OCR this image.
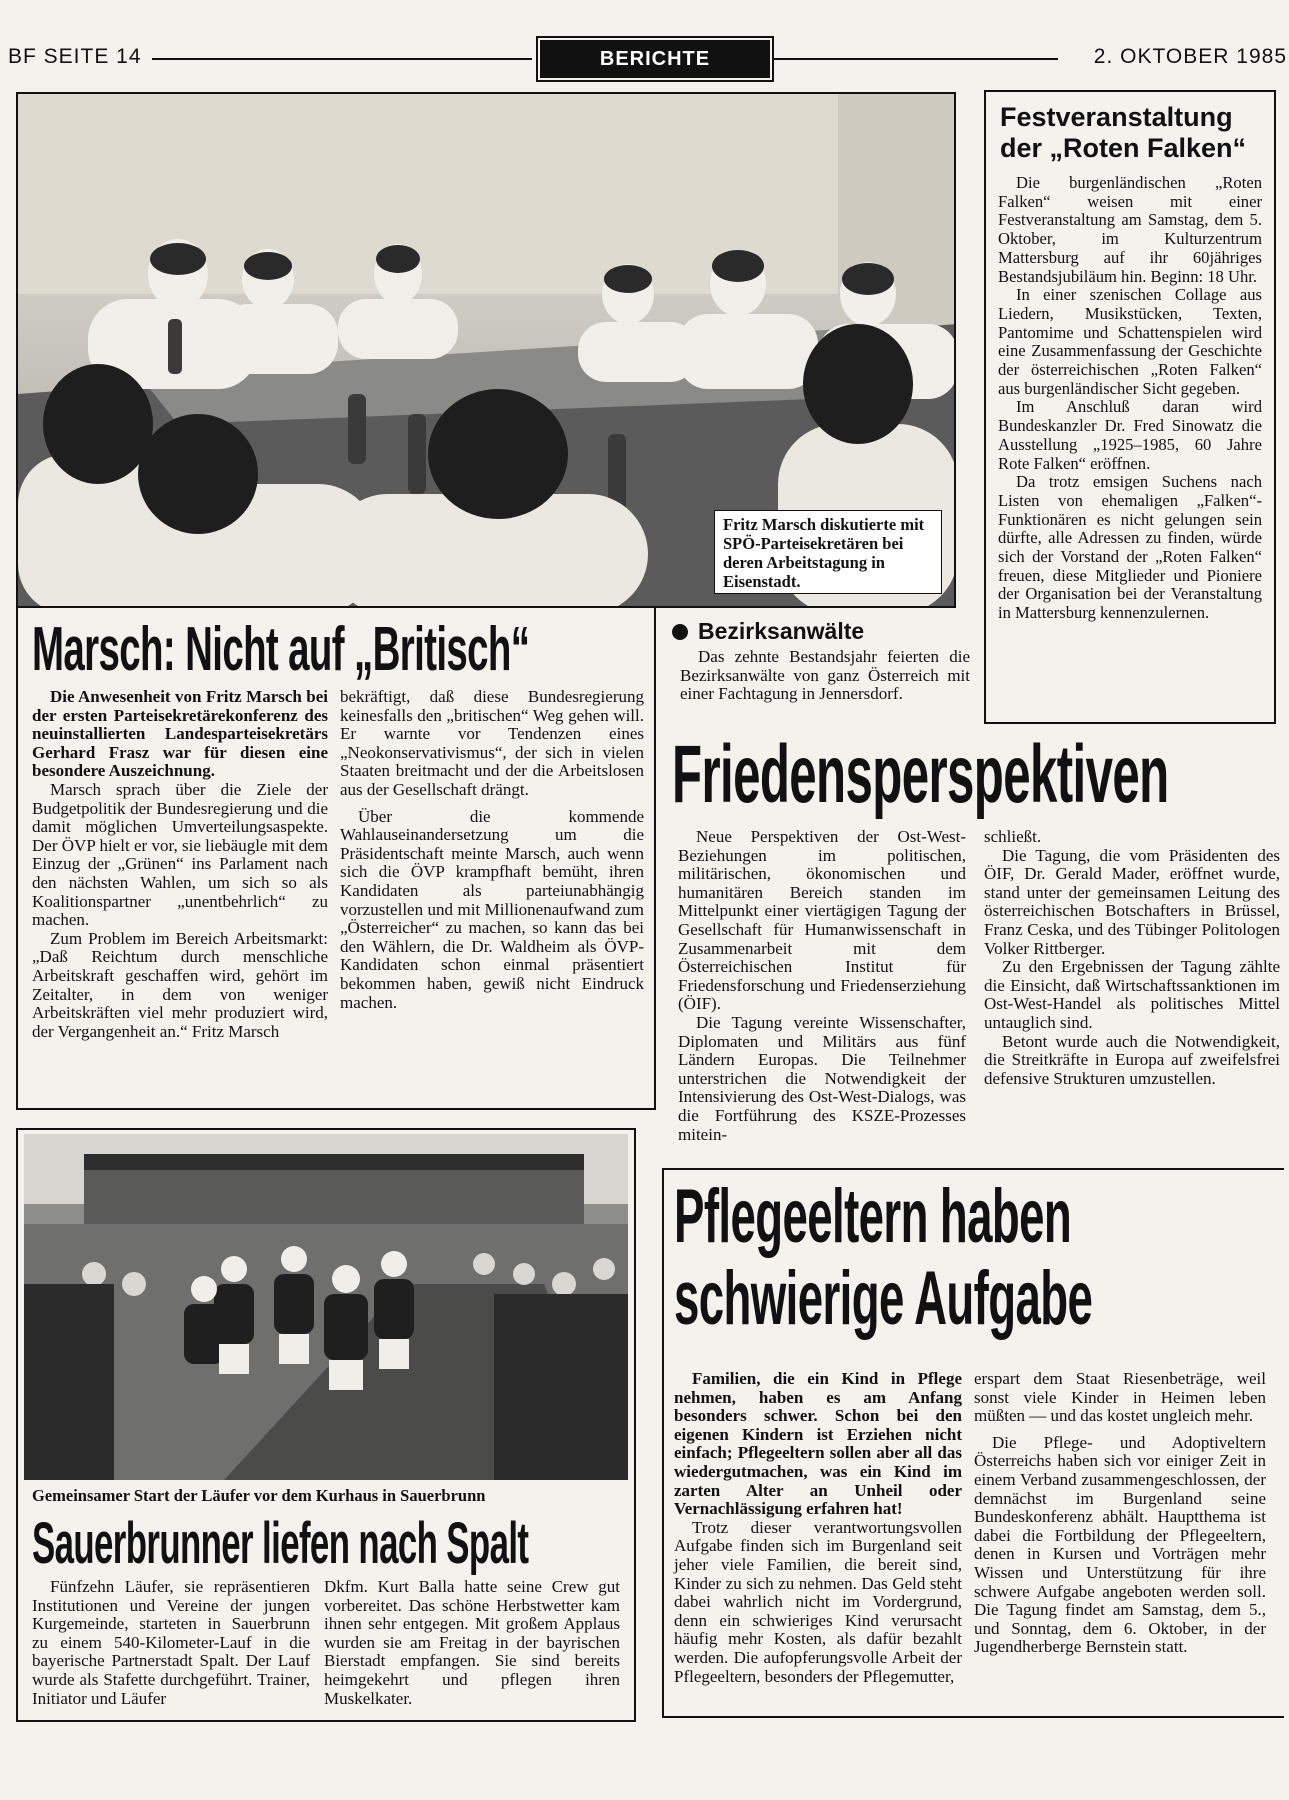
BF SEITE 14	BERICHTE	2. OKTOBER 1985
Fritz Marsch diskutierte mit SPÖ-Parteisekretären bei deren Arbeitstagung in Eisenstadt.
Marsch: Nicht auf „Britisch“

Die Anwesenheit von Fritz Marsch bei der ersten Parteisekretärekonferenz des neuinstallierten Landesparteisekretärs Gerhard Frasz war für diesen eine besondere Auszeichnung.

Marsch sprach über die Ziele der Budgetpolitik der Bundesregierung und die damit möglichen Umverteilungsaspekte. Der ÖVP hielt er vor, sie liebäugle mit dem Einzug der „Grünen“ ins Parlament nach den nächsten Wahlen, um sich so als Koalitionspartner „unentbehrlich“ zu machen.

Zum Problem im Bereich Arbeitsmarkt: „Daß Reichtum durch menschliche Arbeitskraft geschaffen wird, gehört im Zeitalter, in dem von weniger Arbeitskräften viel mehr produziert wird, der Vergangenheit an.“ Fritz Marsch

bekräftigt, daß diese Bundesregierung keinesfalls den „britischen“ Weg gehen will. Er warnte vor Tendenzen eines „Neokonservativismus“, der sich in vielen Staaten breitmacht und der die Arbeitslosen aus der Gesellschaft drängt.

Über die kommende Wahlauseinandersetzung um die Präsidentschaft meinte Marsch, auch wenn sich die ÖVP krampfhaft bemüht, ihren Kandidaten als parteiunabhängig vorzustellen und mit Millionenaufwand zum „Österreicher“ zu machen, so kann das bei den Wählern, die Dr. Waldheim als ÖVP-Kandidaten schon einmal präsentiert bekommen haben, gewiß nicht Eindruck machen.

Festveranstaltung
der „Roten Falken“

Die burgenländischen „Roten Falken“ weisen mit einer Festveranstaltung am Samstag, dem 5. Oktober, im Kulturzentrum Mattersburg auf ihr 60jähriges Bestandsjubiläum hin. Beginn: 18 Uhr.

In einer szenischen Collage aus Liedern, Musikstücken, Texten, Pantomime und Schattenspielen wird eine Zusammenfassung der Geschichte der österreichischen „Roten Falken“ aus burgenländischer Sicht gegeben.

Im Anschluß daran wird Bundeskanzler Dr. Fred Sinowatz die Ausstellung „1925–1985, 60 Jahre Rote Falken“ eröffnen.

Da trotz emsigen Suchens nach Listen von ehemaligen „Falken“-Funktionären es nicht gelungen sein dürfte, alle Adressen zu finden, würde sich der Vorstand der „Roten Falken“ freuen, diese Mitglieder und Pioniere der Organisation bei der Veranstaltung in Mattersburg kennenzulernen.

Bezirksanwälte

Das zehnte Bestandsjahr feierten die Bezirksanwälte von ganz Österreich mit einer Fachtagung in Jennersdorf.

Friedensperspektiven

Neue Perspektiven der Ost-West-Beziehungen im politischen, militärischen, ökonomischen und humanitären Bereich standen im Mittelpunkt einer viertägigen Tagung der Gesellschaft für Humanwissenschaft in Zusammenarbeit mit dem Österreichischen Institut für Friedensforschung und Friedenserziehung (ÖIF).

Die Tagung vereinte Wissenschafter, Diplomaten und Militärs aus fünf Ländern Europas. Die Teilnehmer unterstrichen die Notwendigkeit der Intensivierung des Ost-West-Dialogs, was die Fortführung des KSZE-Prozesses mitein-

schließt.

Die Tagung, die vom Präsidenten des ÖIF, Dr. Gerald Mader, eröffnet wurde, stand unter der gemeinsamen Leitung des österreichischen Botschafters in Brüssel, Franz Ceska, und des Tübinger Politologen Volker Rittberger.

Zu den Ergebnissen der Tagung zählte die Einsicht, daß Wirtschaftssanktionen im Ost-West-Handel als politisches Mittel untauglich sind.

Betont wurde auch die Notwendigkeit, die Streitkräfte in Europa auf zweifelsfrei defensive Strukturen umzustellen.

Gemeinsamer Start der Läufer vor dem Kurhaus in Sauerbrunn
Sauerbrunner liefen nach Spalt

Fünfzehn Läufer, sie repräsentieren Institutionen und Vereine der jungen Kurgemeinde, starteten in Sauerbrunn zu einem 540-Kilometer-Lauf in die bayerische Partnerstadt Spalt. Der Lauf wurde als Stafette durchgeführt. Trainer, Initiator und Läufer

Dkfm. Kurt Balla hatte seine Crew gut vorbereitet. Das schöne Herbstwetter kam ihnen sehr entgegen. Mit großem Applaus wurden sie am Freitag in der bayrischen Bierstadt empfangen. Sie sind bereits heimgekehrt und pflegen ihren Muskelkater.

Pflegeeltern haben
schwierige Aufgabe

Familien, die ein Kind in Pflege nehmen, haben es am Anfang besonders schwer. Schon bei den eigenen Kindern ist Erziehen nicht einfach; Pflegeeltern sollen aber all das wiedergutmachen, was ein Kind im zarten Alter an Unheil oder Vernachlässigung erfahren hat!

Trotz dieser verantwortungsvollen Aufgabe finden sich im Burgenland seit jeher viele Familien, die bereit sind, Kinder zu sich zu nehmen. Das Geld steht dabei wahrlich nicht im Vordergrund, denn ein schwieriges Kind verursacht häufig mehr Kosten, als dafür bezahlt werden. Die aufopferungsvolle Arbeit der Pflegeeltern, besonders der Pflegemutter,

erspart dem Staat Riesenbeträge, weil sonst viele Kinder in Heimen leben müßten — und das kostet ungleich mehr.

Die Pflege- und Adoptiveltern Österreichs haben sich vor einiger Zeit in einem Verband zusammengeschlossen, der demnächst im Burgenland seine Bundeskonferenz abhält. Hauptthema ist dabei die Fortbildung der Pflegeeltern, denen in Kursen und Vorträgen mehr Wissen und Unterstützung für ihre schwere Aufgabe angeboten werden soll. Die Tagung findet am Samstag, dem 5., und Sonntag, dem 6. Oktober, in der Jugendherberge Bernstein statt.
